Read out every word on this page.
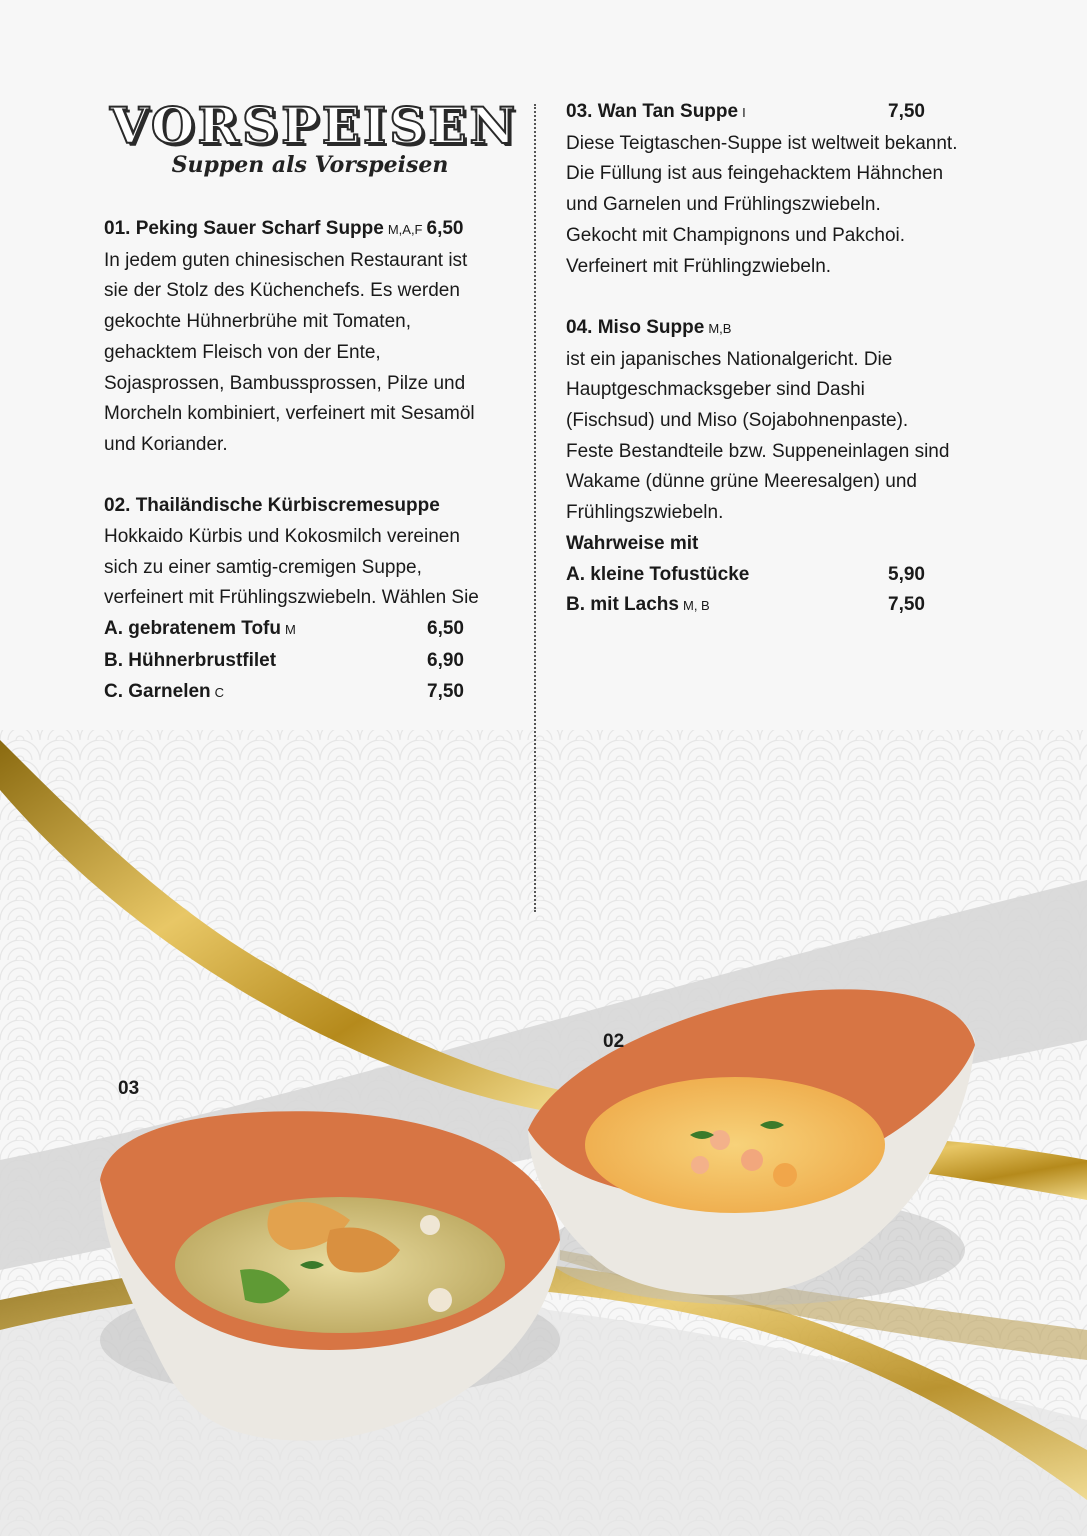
VORSPEISEN
Suppen als Vorspeisen
01. Peking Sauer Scharf Suppe M,A,F 6,50
In jedem guten chinesischen Restaurant ist
sie der Stolz des Küchenchefs. Es werden
gekochte Hühnerbrühe mit Tomaten,
gehacktem Fleisch von der Ente,
Sojasprossen, Bambussprossen, Pilze und
Morcheln kombiniert, verfeinert mit Sesamöl
und Koriander.
02. Thailändische Kürbiscremesuppe
Hokkaido Kürbis und Kokosmilch vereinen
sich zu einer samtig-cremigen Suppe,
verfeinert mit Frühlingszwiebeln. Wählen Sie
A. gebratenem Tofu M	6,50
B. Hühnerbrustfilet	6,90
C. Garnelen C	7,50
03. Wan Tan Suppe I	7,50
Diese Teigtaschen-Suppe ist weltweit bekannt.
Die Füllung ist aus feingehacktem Hähnchen
und Garnelen und Frühlingszwiebeln.
Gekocht mit Champignons und Pakchoi.
Verfeinert mit Frühlingzwiebeln.
04. Miso Suppe M,B
ist ein japanisches Nationalgericht. Die
Hauptgeschmacksgeber sind Dashi
(Fischsud) und Miso (Sojabohnenpaste).
Feste Bestandteile bzw. Suppeneinlagen sind
Wakame (dünne grüne Meeresalgen) und
Frühlingszwiebeln.
Wahrweise mit
A. kleine Tofustücke	5,90
B. mit Lachs M, B	7,50
03
02
